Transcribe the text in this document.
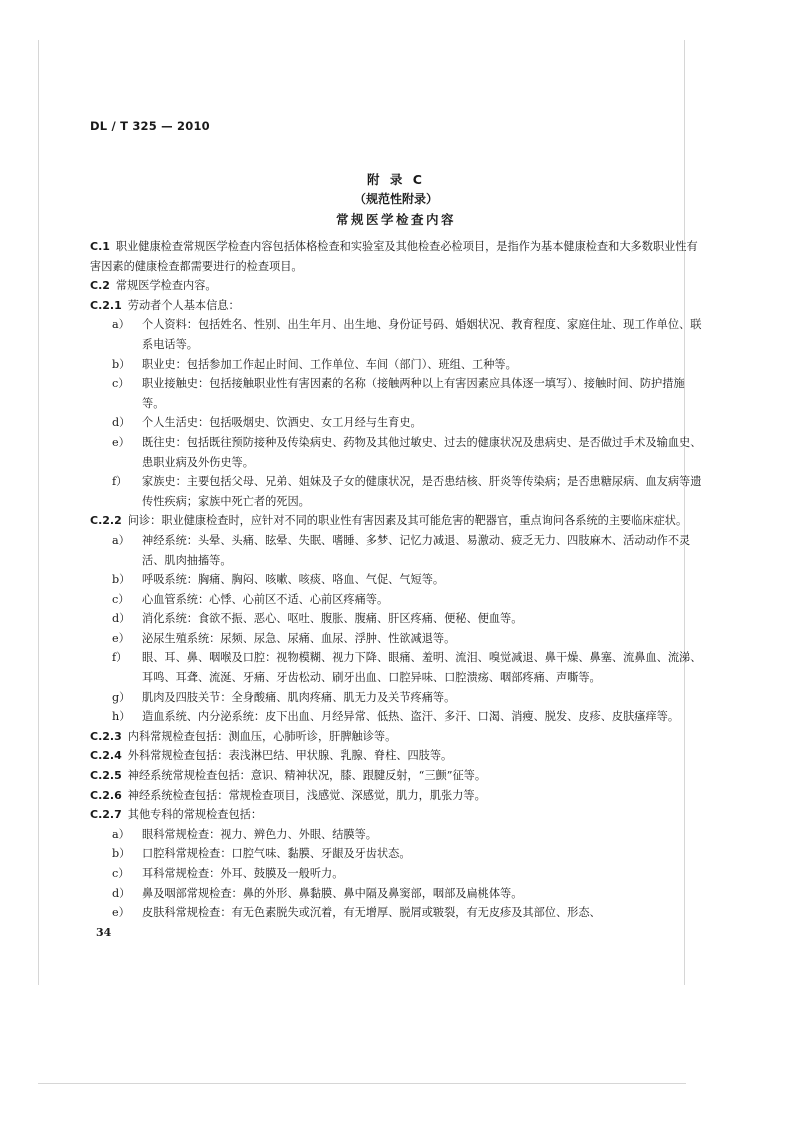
DL / T 325 — 2010
附 录 C
（规范性附录）
常规医学检查内容

C.1 职业健康检查常规医学检查内容包括体格检查和实验室及其他检查必检项目，是指作为基本健康检查和大多数职业性有害因素的健康检查都需要进行的检查项目。

C.2 常规医学检查内容。

C.2.1 劳动者个人基本信息：

a）	个人资料：包括姓名、性别、出生年月、出生地、身份证号码、婚姻状况、教育程度、家庭住址、现工作单位、联系电话等。
b）	职业史：包括参加工作起止时间、工作单位、车间（部门）、班组、工种等。
c）	职业接触史：包括接触职业性有害因素的名称（接触两种以上有害因素应具体逐一填写）、接触时间、防护措施等。
d）	个人生活史：包括吸烟史、饮酒史、女工月经与生育史。
e）	既往史：包括既往预防接种及传染病史、药物及其他过敏史、过去的健康状况及患病史、是否做过手术及输血史、患职业病及外伤史等。
f）	家族史：主要包括父母、兄弟、姐妹及子女的健康状况，是否患结核、肝炎等传染病；是否患糖尿病、血友病等遗传性疾病；家族中死亡者的死因。

C.2.2 问诊：职业健康检查时，应针对不同的职业性有害因素及其可能危害的靶器官，重点询问各系统的主要临床症状。

a）	神经系统：头晕、头痛、眩晕、失眠、嗜睡、多梦、记忆力减退、易激动、疲乏无力、四肢麻木、活动动作不灵活、肌肉抽搐等。
b）	呼吸系统：胸痛、胸闷、咳嗽、咳痰、咯血、气促、气短等。
c）	心血管系统：心悸、心前区不适、心前区疼痛等。
d）	消化系统：食欲不振、恶心、呕吐、腹胀、腹痛、肝区疼痛、便秘、便血等。
e）	泌尿生殖系统：尿频、尿急、尿痛、血尿、浮肿、性欲减退等。
f）	眼、耳、鼻、咽喉及口腔：视物模糊、视力下降、眼痛、羞明、流泪、嗅觉减退、鼻干燥、鼻塞、流鼻血、流涕、耳鸣、耳聋、流涎、牙痛、牙齿松动、刷牙出血、口腔异味、口腔溃疡、咽部疼痛、声嘶等。
g）	肌肉及四肢关节：全身酸痛、肌肉疼痛、肌无力及关节疼痛等。
h）	造血系统、内分泌系统：皮下出血、月经异常、低热、盗汗、多汗、口渴、消瘦、脱发、皮疹、皮肤瘙痒等。

C.2.3 内科常规检查包括：测血压，心肺听诊，肝脾触诊等。

C.2.4 外科常规检查包括：表浅淋巴结、甲状腺、乳腺、脊柱、四肢等。

C.2.5 神经系统常规检查包括：意识、精神状况，膝、跟腱反射，“三颤”征等。

C.2.6 神经系统检查包括：常规检查项目，浅感觉、深感觉，肌力，肌张力等。

C.2.7 其他专科的常规检查包括：

a）	眼科常规检查：视力、辨色力、外眼、结膜等。
b）	口腔科常规检查：口腔气味、黏膜、牙龈及牙齿状态。
c）	耳科常规检查：外耳、鼓膜及一般听力。
d）	鼻及咽部常规检查：鼻的外形、鼻黏膜、鼻中隔及鼻窦部，咽部及扁桃体等。
e）	皮肤科常规检查：有无色素脱失或沉着，有无增厚、脱屑或皲裂，有无皮疹及其部位、形态、
34
